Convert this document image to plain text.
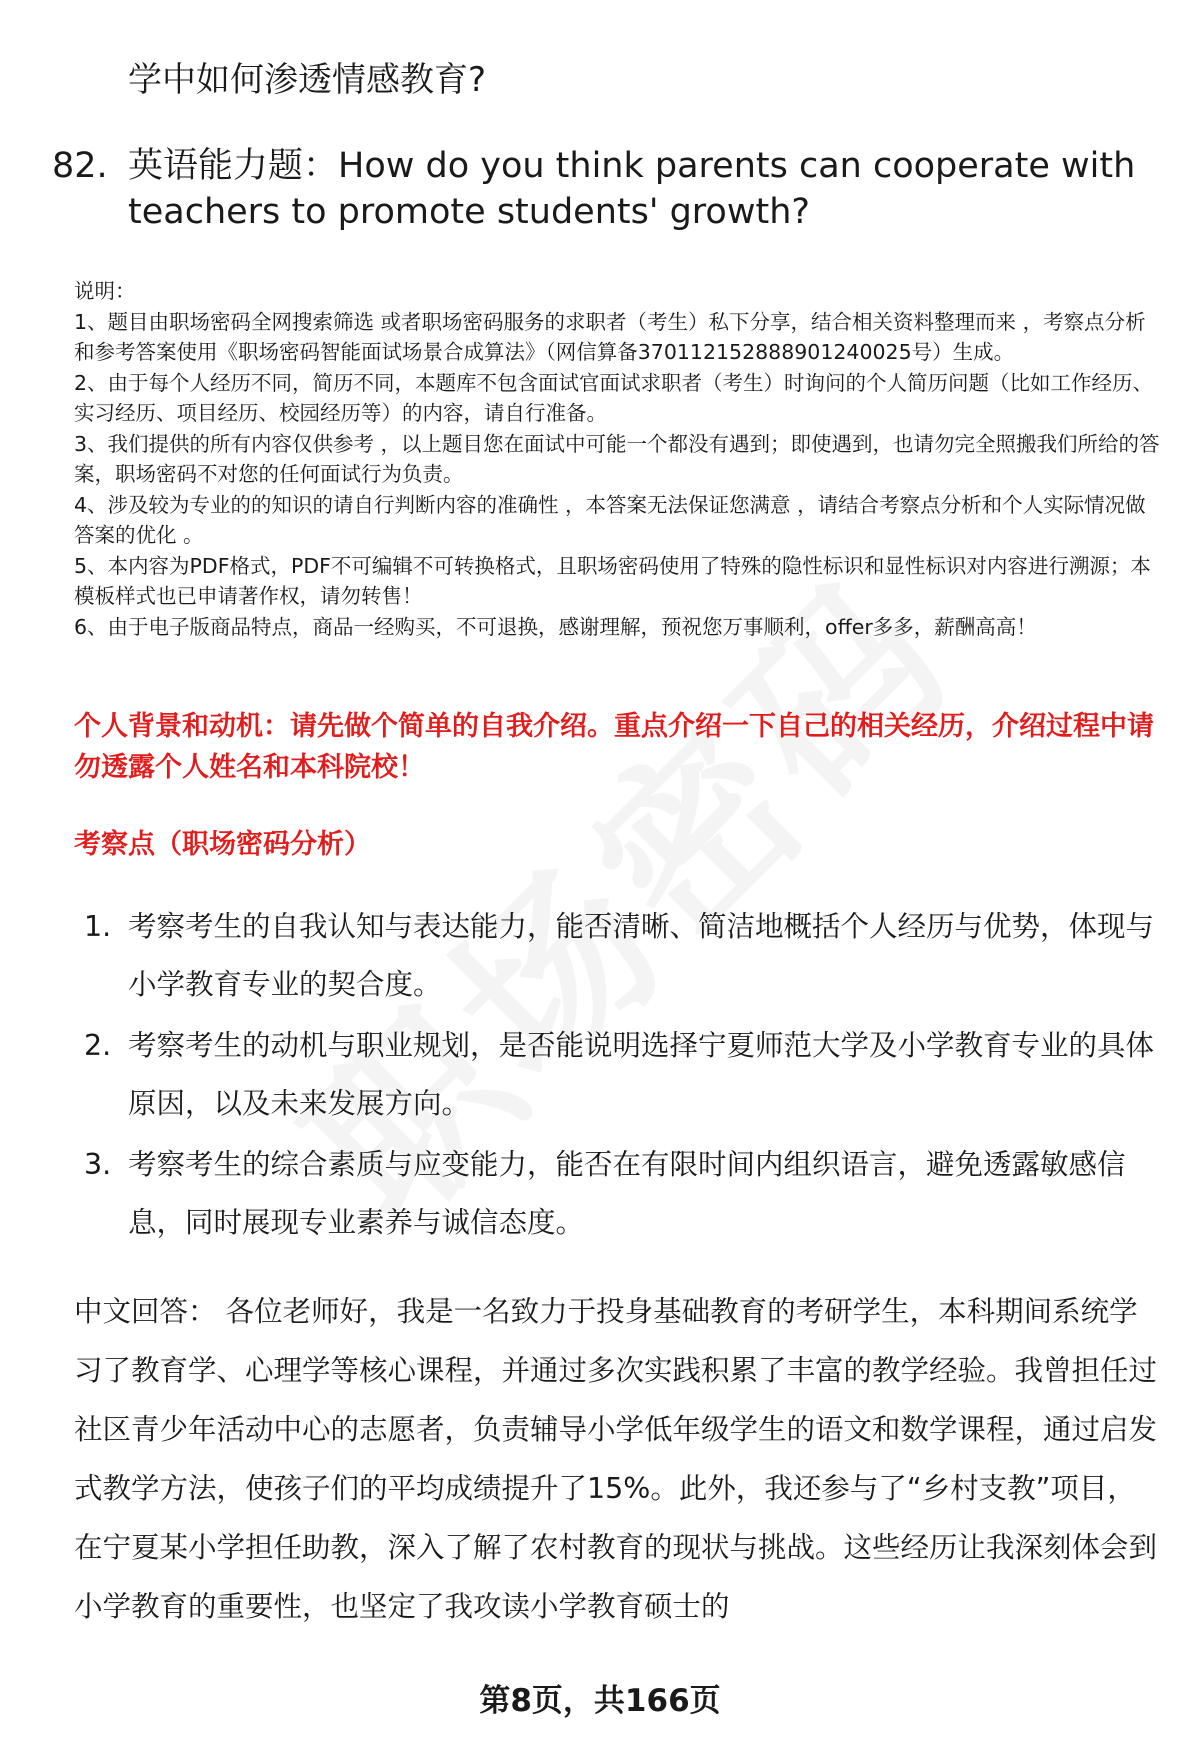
学中如何渗透情感教育?
82. 英语能力题：How do you think parents can cooperate with teachers to promote students' growth?

说明：

1、题目由职场密码全网搜索筛选 或者职场密码服务的求职者（考生）私下分享，结合相关资料整理而来 ，考察点分析和参考答案使用《职场密码智能面试场景合成算法》（网信算备370112152888901240025号）生成。

2、由于每个人经历不同，简历不同，本题库不包含面试官面试求职者（考生）时询问的个人简历问题（比如工作经历、实习经历、项目经历、校园经历等）的内容，请自行准备。

3、我们提供的所有内容仅供参考 ，以上题目您在面试中可能一个都没有遇到；即使遇到，也请勿完全照搬我们所给的答案，职场密码不对您的任何面试行为负责。

4、涉及较为专业的的知识的请自行判断内容的准确性 ，本答案无法保证您满意 ，请结合考察点分析和个人实际情况做答案的优化 。

5、本内容为PDF格式，PDF不可编辑不可转换格式，且职场密码使用了特殊的隐性标识和显性标识对内容进行溯源；本模板样式也已申请著作权，请勿转售！

6、由于电子版商品特点，商品一经购买，不可退换，感谢理解，预祝您万事顺利，offer多多，薪酬高高！

个人背景和动机：请先做个简单的自我介绍。重点介绍一下自己的相关经历，介绍过程中请勿透露个人姓名和本科院校！
考察点（职场密码分析）
1. 考察考生的自我认知与表达能力，能否清晰、简洁地概括个人经历与优势，体现与小学教育专业的契合度。
2. 考察考生的动机与职业规划，是否能说明选择宁夏师范大学及小学教育专业的具体原因，以及未来发展方向。
3. 考察考生的综合素质与应变能力，能否在有限时间内组织语言，避免透露敏感信息，同时展现专业素养与诚信态度。
中文回答： 各位老师好，我是一名致力于投身基础教育的考研学生，本科期间系统学习了教育学、心理学等核心课程，并通过多次实践积累了丰富的教学经验。我曾担任过社区青少年活动中心的志愿者，负责辅导小学低年级学生的语文和数学课程，通过启发式教学方法，使孩子们的平均成绩提升了15%。此外，我还参与了“乡村支教”项目，在宁夏某小学担任助教，深入了解了农村教育的现状与挑战。这些经历让我深刻体会到小学教育的重要性，也坚定了我攻读小学教育硕士的
第8页，共166页
